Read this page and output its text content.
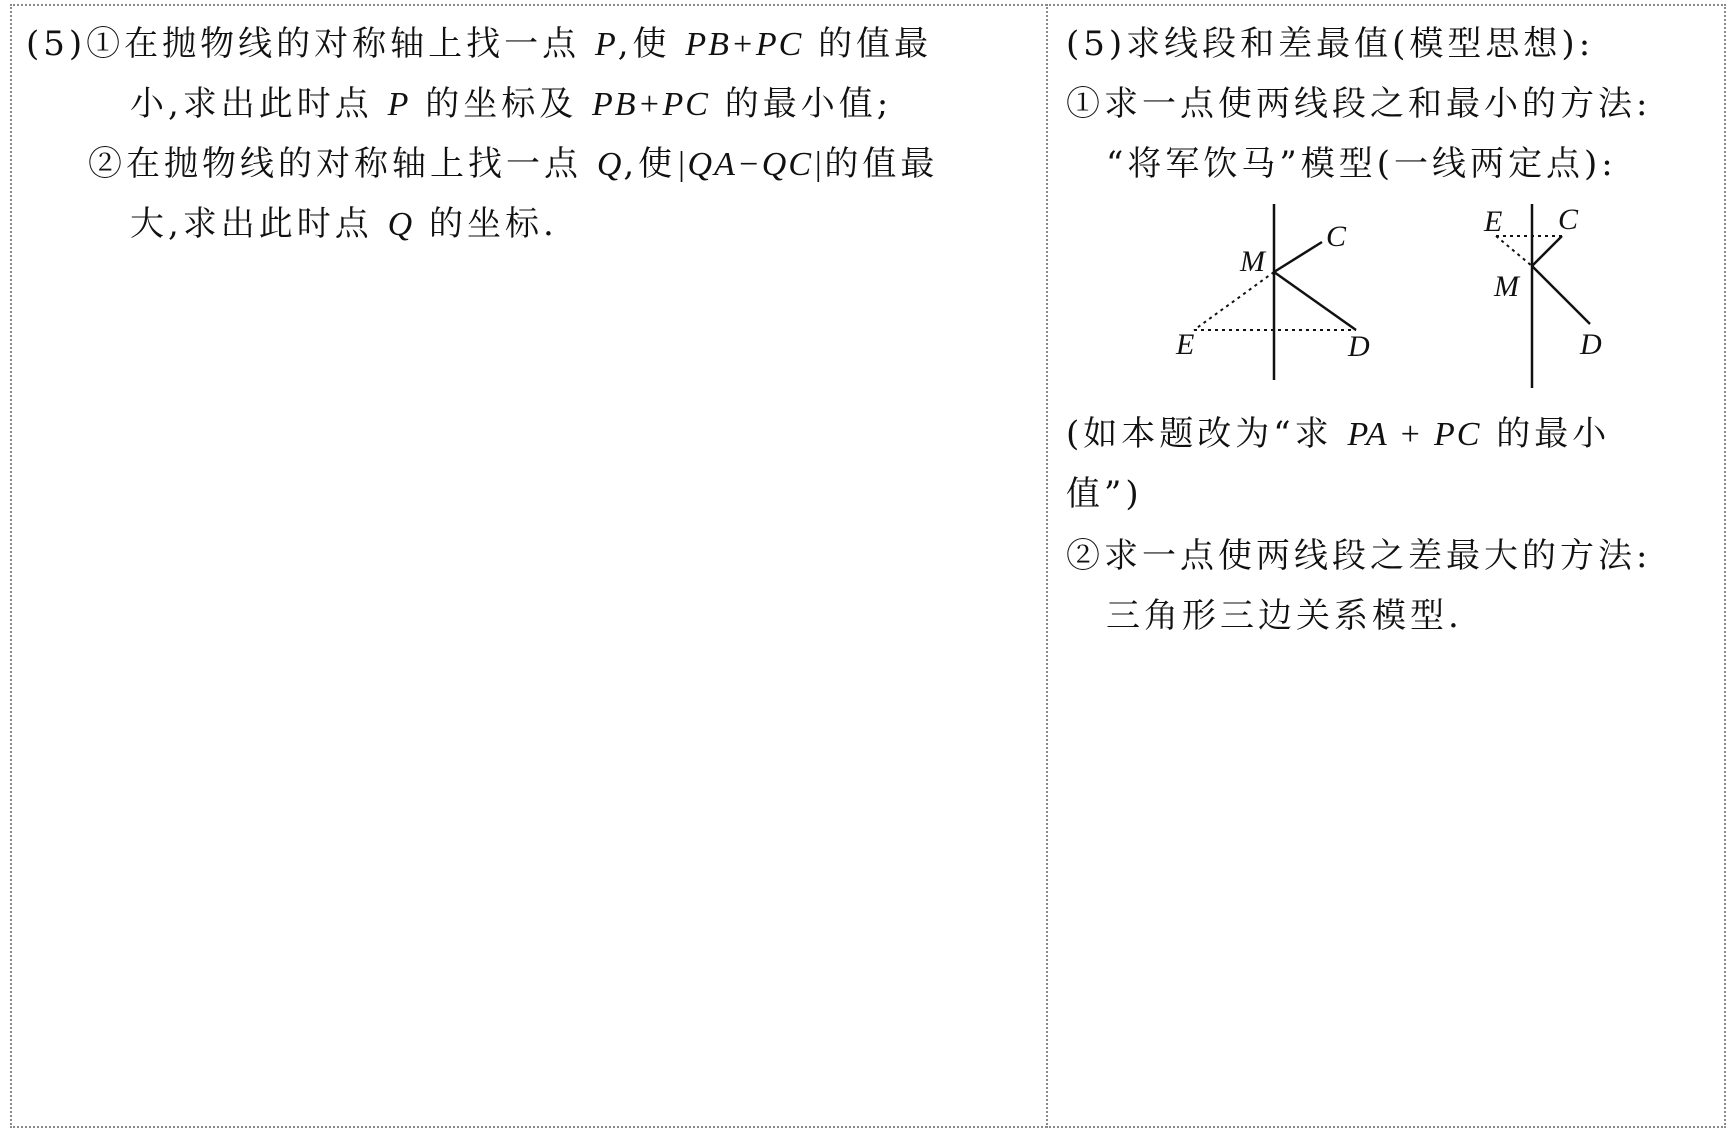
(5)①在抛物线的对称轴上找一点 P,使 PB+PC 的值最
小,求出此时点 P 的坐标及 PB+PC 的最小值;
②在抛物线的对称轴上找一点 Q,使|QA−QC|的值最
大,求出此时点 Q 的坐标.
(5)求线段和差最值(模型思想):
①求一点使两线段之和最小的方法:
“将军饮马”模型(一线两定点):
M
C
E	D
E C
M
D
(如本题改为“求 PA + PC 的最小
值”)
②求一点使两线段之差最大的方法:
三角形三边关系模型.
